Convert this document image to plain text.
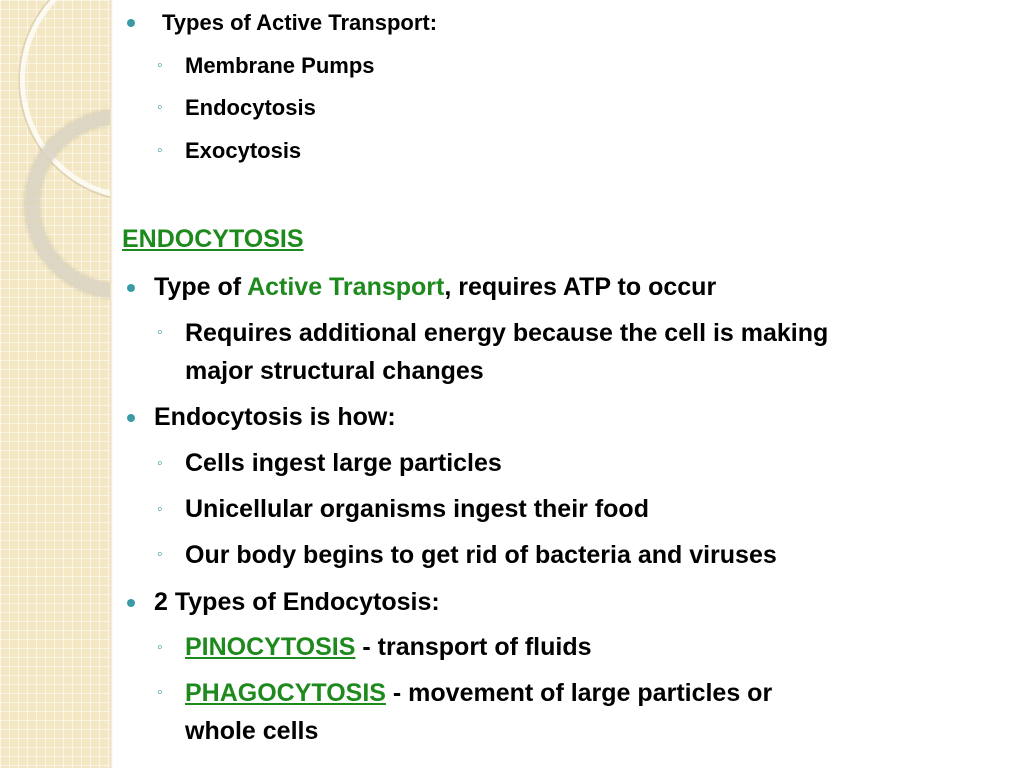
Types of Active Transport:
◦ Membrane Pumps
◦ Endocytosis
◦ Exocytosis
ENDOCYTOSIS
Type of Active Transport, requires ATP to occur
◦ Requires additional energy because the cell is making
major structural changes
Endocytosis is how:
◦ Cells ingest large particles
◦ Unicellular organisms ingest their food
◦ Our body begins to get rid of bacteria and viruses
2 Types of Endocytosis:
◦ PINOCYTOSIS - transport of fluids
◦ PHAGOCYTOSIS - movement of large particles or
whole cells
